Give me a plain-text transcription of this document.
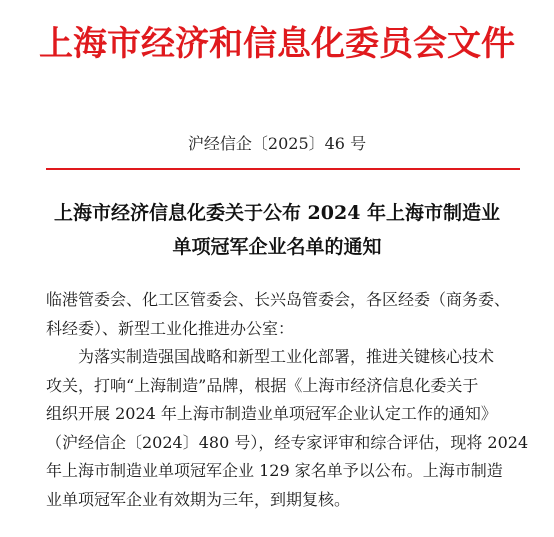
上海市经济和信息化委员会文件
沪经信企〔2025〕46 号
上海市经济信息化委关于公布 2024 年上海市制造业
单项冠军企业名单的通知
临港管委会、化工区管委会、长兴岛管委会，各区经委（商务委、
科经委）、新型工业化推进办公室：
　　为落实制造强国战略和新型工业化部署，推进关键核心技术
攻关，打响“上海制造”品牌，根据《上海市经济信息化委关于
组织开展 2024 年上海市制造业单项冠军企业认定工作的通知》
（沪经信企〔2024〕480 号），经专家评审和综合评估，现将 2024
年上海市制造业单项冠军企业 129 家名单予以公布。上海市制造
业单项冠军企业有效期为三年，到期复核。
